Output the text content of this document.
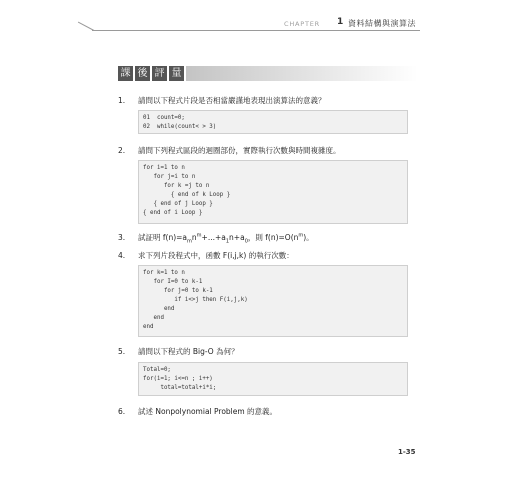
CHAPTER 1 資料結構與演算法
課 後 評 量
1. 請問以下程式片段是否相當嚴謹地表現出演算法的意義？
01  count=0;
02  while(count< > 3)
2. 請問下列程式區段的迴圈部份，實際執行次數與時間複雜度。
for i=1 to n
for j=i to n
for k =j to n
{ end of k Loop }
{ end of j Loop }
{ end of i Loop }
3. 試証明 $f(n)=a_mn^m+...+a_1n+a_0$，則 $f(n)=O(n^m)$。
4. 求下列片段程式中，函數 F(i,j,k) 的執行次數：
for k=1 to n
for I=0 to k-1
for j=0 to k-1
if i<>j then F(i,j,k)
end
end
end
5. 請問以下程式的 Big-O 為何？
Total=0;
for(i=1; i<=n ; i++)
total=total+i*i;
6. 試述 Nonpolynomial Problem 的意義。
1-35
